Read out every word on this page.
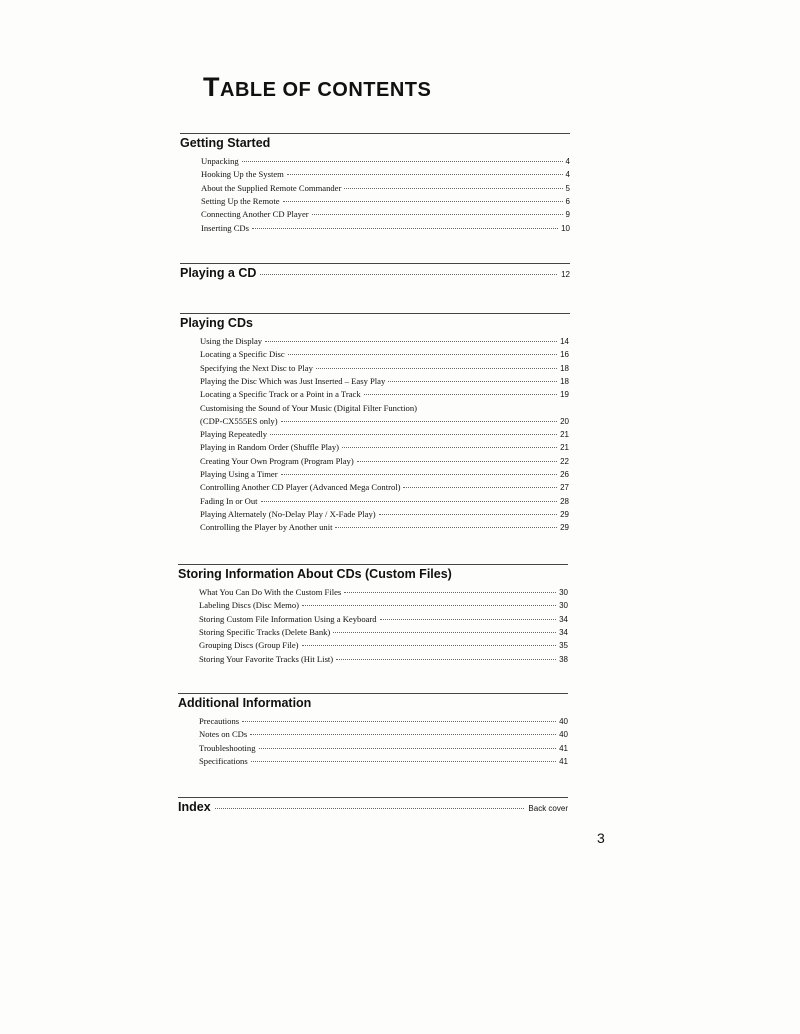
TABLE OF CONTENTS
Getting Started
Unpacking	4
Hooking Up the System	4
About the Supplied Remote Commander	5
Setting Up the Remote	6
Connecting Another CD Player	9
Inserting CDs	10
Playing a CD	12
Playing CDs
Using the Display	14
Locating a Specific Disc	16
Specifying the Next Disc to Play	18
Playing the Disc Which was Just Inserted – Easy Play	18
Locating a Specific Track or a Point in a Track	19
Customising the Sound of Your Music (Digital Filter Function)
(CDP-CX555ES only)	20
Playing Repeatedly	21
Playing in Random Order (Shuffle Play)	21
Creating Your Own Program (Program Play)	22
Playing Using a Timer	26
Controlling Another CD Player (Advanced Mega Control)	27
Fading In or Out	28
Playing Alternately (No-Delay Play / X-Fade Play)	29
Controlling the Player by Another unit	29
Storing Information About CDs (Custom Files)
What You Can Do With the Custom Files	30
Labeling Discs (Disc Memo)	30
Storing Custom File Information Using a Keyboard	34
Storing Specific Tracks (Delete Bank)	34
Grouping Discs (Group File)	35
Storing Your Favorite Tracks (Hit List)	38
Additional Information
Precautions	40
Notes on CDs	40
Troubleshooting	41
Specifications	41
Index	Back cover
3
